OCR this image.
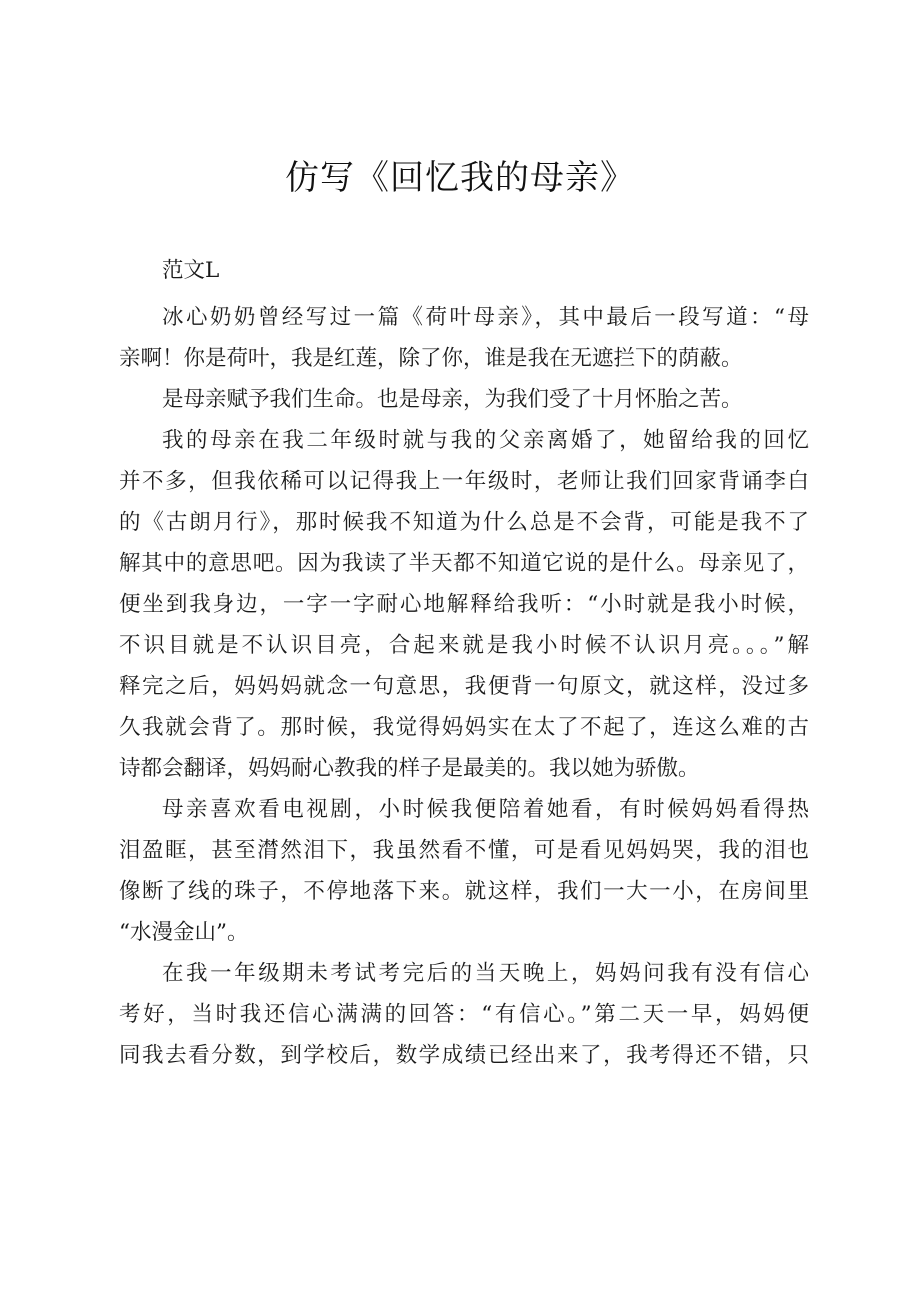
仿写《回忆我的母亲》
范文L
冰心奶奶曾经写过一篇《荷叶母亲》，其中最后一段写道：“母
亲啊！你是荷叶，我是红莲，除了你，谁是我在无遮拦下的荫蔽。
是母亲赋予我们生命。也是母亲，为我们受了十月怀胎之苦。
我的母亲在我二年级时就与我的父亲离婚了，她留给我的回忆
并不多，但我依稀可以记得我上一年级时，老师让我们回家背诵李白
的《古朗月行》，那时候我不知道为什么总是不会背，可能是我不了
解其中的意思吧。因为我读了半天都不知道它说的是什么。母亲见了，
便坐到我身边，一字一字耐心地解释给我听：“小时就是我小时候，
不识目就是不认识目亮，合起来就是我小时候不认识月亮。。。”解
释完之后，妈妈妈就念一句意思，我便背一句原文，就这样，没过多
久我就会背了。那时候，我觉得妈妈实在太了不起了，连这么难的古
诗都会翻译，妈妈耐心教我的样子是最美的。我以她为骄傲。
母亲喜欢看电视剧，小时候我便陪着她看，有时候妈妈看得热
泪盈眶，甚至潸然泪下，我虽然看不懂，可是看见妈妈哭，我的泪也
像断了线的珠子，不停地落下来。就这样，我们一大一小，在房间里
“水漫金山”。
在我一年级期未考试考完后的当天晚上，妈妈问我有没有信心
考好，当时我还信心满满的回答：“有信心。”第二天一早，妈妈便
同我去看分数，到学校后，数学成绩已经出来了，我考得还不错，只
